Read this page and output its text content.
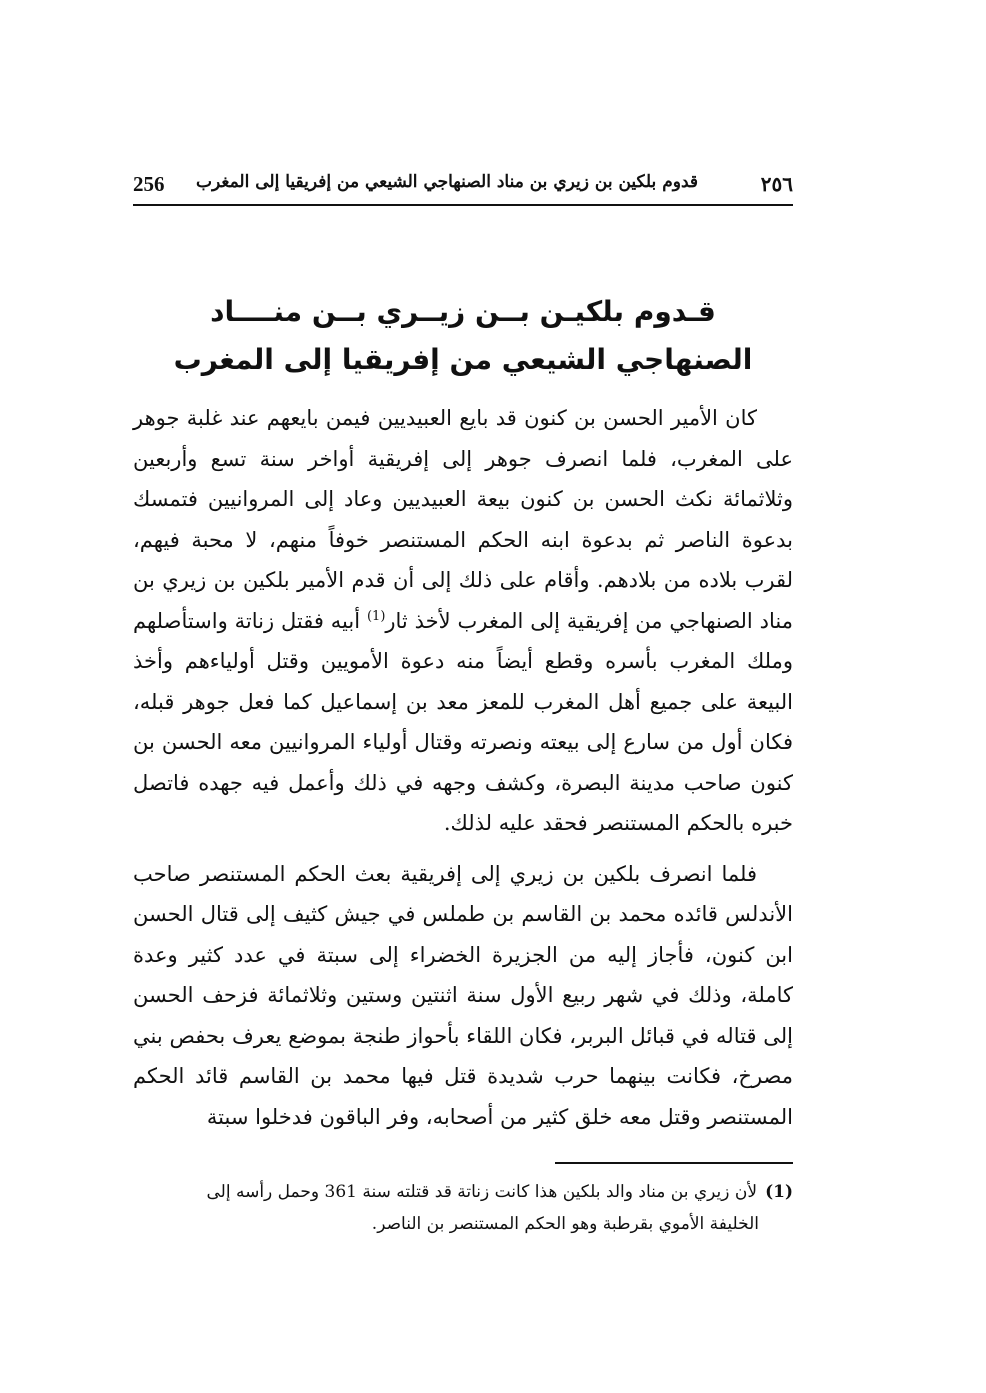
256 قدوم بلكين بن زيري بن مناد الصنهاجي الشيعي من إفريقيا إلى المغرب	٢٥٦
قـدوم بلكيـن بــن زيــري بــن منــــاد
الصنهاجي الشيعي من إفريقيا إلى المغرب

كان الأمير الحسن بن كنون قد بايع العبيديين فيمن بايعهم عند غلبة جوهر على المغرب، فلما انصرف جوهر إلى إفريقية أواخر سنة تسع وأربعين وثلاثمائة نكث الحسن بن كنون بيعة العبيديين وعاد إلى المروانيين فتمسك بدعوة الناصر ثم بدعوة ابنه الحكم المستنصر خوفاً منهم، لا محبة فيهم، لقرب بلاده من بلادهم. وأقام على ذلك إلى أن قدم الأمير بلكين بن زيري بن مناد الصنهاجي من إفريقية إلى المغرب لأخذ ثار$^{(1)}$ أبيه فقتل زناتة واستأصلهم وملك المغرب بأسره وقطع أيضاً منه دعوة الأمويين وقتل أولياءهم وأخذ البيعة على جميع أهل المغرب للمعز معد بن إسماعيل كما فعل جوهر قبله، فكان أول من سارع إلى بيعته ونصرته وقتال أولياء المروانيين معه الحسن بن كنون صاحب مدينة البصرة، وكشف وجهه في ذلك وأعمل فيه جهده فاتصل خبره بالحكم المستنصر فحقد عليه لذلك.

فلما انصرف بلكين بن زيري إلى إفريقية بعث الحكم المستنصر صاحب الأندلس قائده محمد بن القاسم بن طملس في جيش كثيف إلى قتال الحسن ابن كنون، فأجاز إليه من الجزيرة الخضراء إلى سبتة في عدد كثير وعدة كاملة، وذلك في شهر ربيع الأول سنة اثنتين وستين وثلاثمائة فزحف الحسن إلى قتاله في قبائل البربر، فكان اللقاء بأحواز طنجة بموضع يعرف بحفص بني مصرخ، فكانت بينهما حرب شديدة قتل فيها محمد بن القاسم قائد الحكم المستنصر وقتل معه خلق كثير من أصحابه، وفر الباقون فدخلوا سبتة

(1)لأن زيري بن مناد والد بلكين هذا كانت زناتة قد قتلته سنة 361 وحمل رأسه إلى
الخليفة الأموي بقرطبة وهو الحكم المستنصر بن الناصر.
